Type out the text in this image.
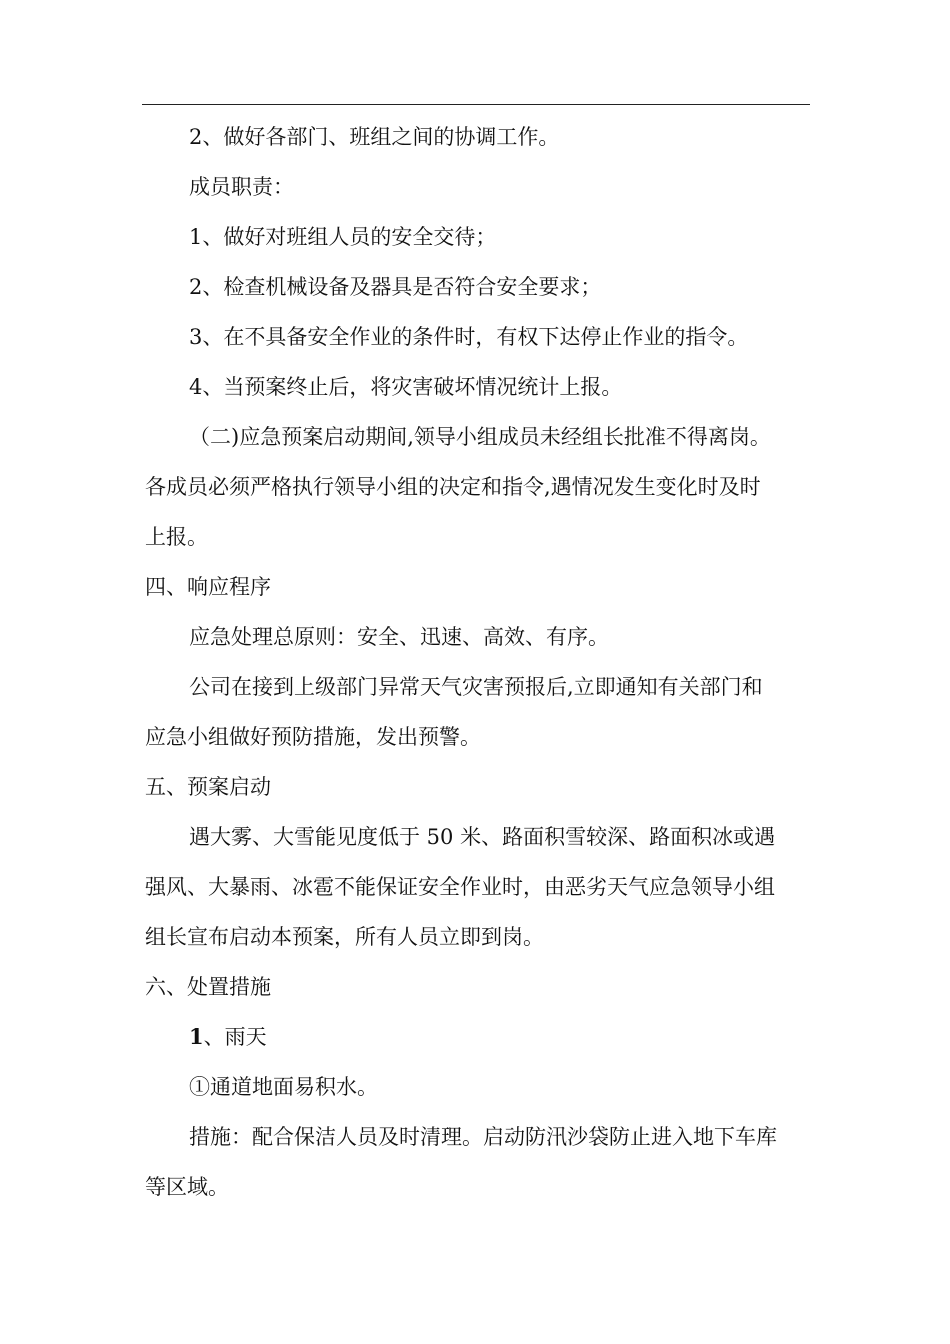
2、做好各部门、班组之间的协调工作。
成员职责：
1、做好对班组人员的安全交待；
2、检查机械设备及器具是否符合安全要求；
3、在不具备安全作业的条件时，有权下达停止作业的指令。
4、当预案终止后，将灾害破坏情况统计上报。
（二)应急预案启动期间,领导小组成员未经组长批准不得离岗。
各成员必须严格执行领导小组的决定和指令,遇情况发生变化时及时
上报。
四、响应程序
应急处理总原则：安全、迅速、高效、有序。
公司在接到上级部门异常天气灾害预报后,立即通知有关部门和
应急小组做好预防措施，发出预警。
五、预案启动
遇大雾、大雪能见度低于 50 米、路面积雪较深、路面积冰或遇
强风、大暴雨、冰雹不能保证安全作业时，由恶劣天气应急领导小组
组长宣布启动本预案，所有人员立即到岗。
六、处置措施
1、雨天
①通道地面易积水。
措施：配合保洁人员及时清理。启动防汛沙袋防止进入地下车库
等区域。
